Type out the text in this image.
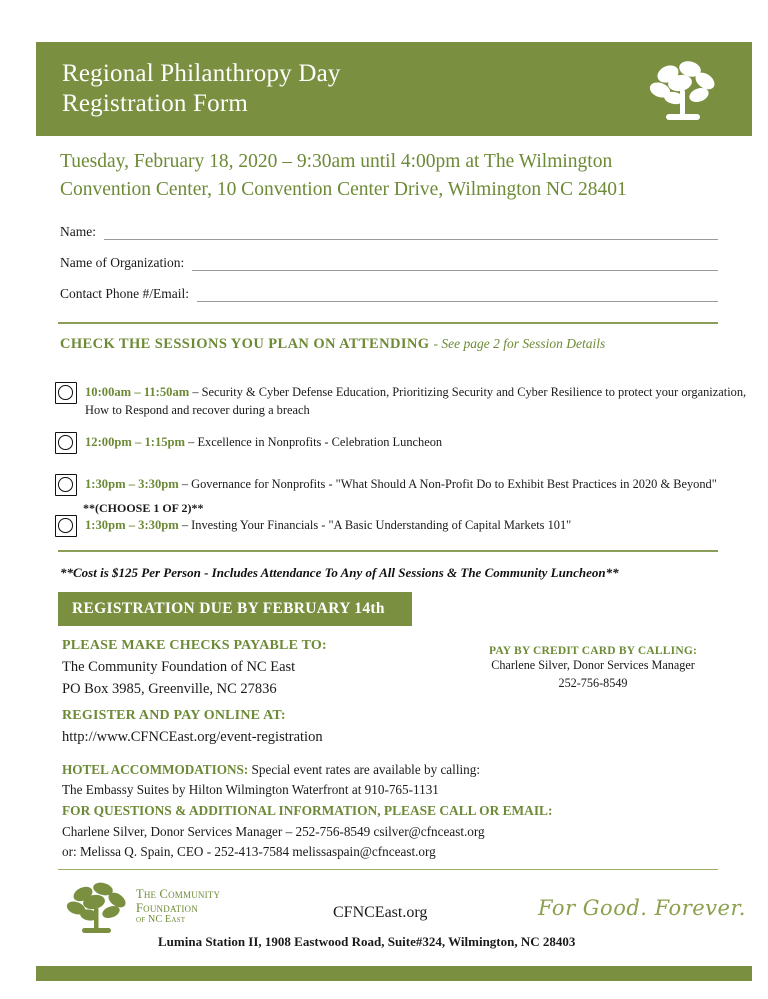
Regional Philanthropy Day
Registration Form
Tuesday, February 18, 2020 – 9:30am until 4:00pm at The Wilmington
Convention Center, 10 Convention Center Drive, Wilmington NC 28401
Name:
Name of Organization:
Contact Phone #/Email:
CHECK THE SESSIONS YOU PLAN ON ATTENDING - See page 2 for Session Details
10:00am – 11:50am – Security & Cyber Defense Education, Prioritizing Security and Cyber Resilience to protect your organization, How to Respond and recover during a breach
12:00pm – 1:15pm – Excellence in Nonprofits - Celebration Luncheon
1:30pm – 3:30pm – Governance for Nonprofits - "What Should A Non-Profit Do to Exhibit Best Practices in 2020 & Beyond"
**(CHOOSE 1 OF 2)**
1:30pm – 3:30pm – Investing Your Financials - "A Basic Understanding of Capital Markets 101"
**Cost is $125 Per Person - Includes Attendance To Any of All Sessions & The Community Luncheon**
REGISTRATION DUE BY FEBRUARY 14th
PLEASE MAKE CHECKS PAYABLE TO:
The Community Foundation of NC East
PO Box 3985, Greenville, NC 27836
PAY BY CREDIT CARD BY CALLING:
Charlene Silver, Donor Services Manager
252-756-8549
REGISTER AND PAY ONLINE AT:
http://www.CFNCEast.org/event-registration
HOTEL ACCOMMODATIONS: Special event rates are available by calling:
The Embassy Suites by Hilton Wilmington Waterfront at 910-765-1131
FOR QUESTIONS & ADDITIONAL INFORMATION, PLEASE CALL OR EMAIL:
Charlene Silver, Donor Services Manager – 252-756-8549 csilver@cfnceast.org
or: Melissa Q. Spain, CEO - 252-413-7584 melissaspain@cfnceast.org
The Community
Foundation
of NC East	CFNCEast.org	For Good. Forever.
Lumina Station II, 1908 Eastwood Road, Suite#324, Wilmington, NC 28403
